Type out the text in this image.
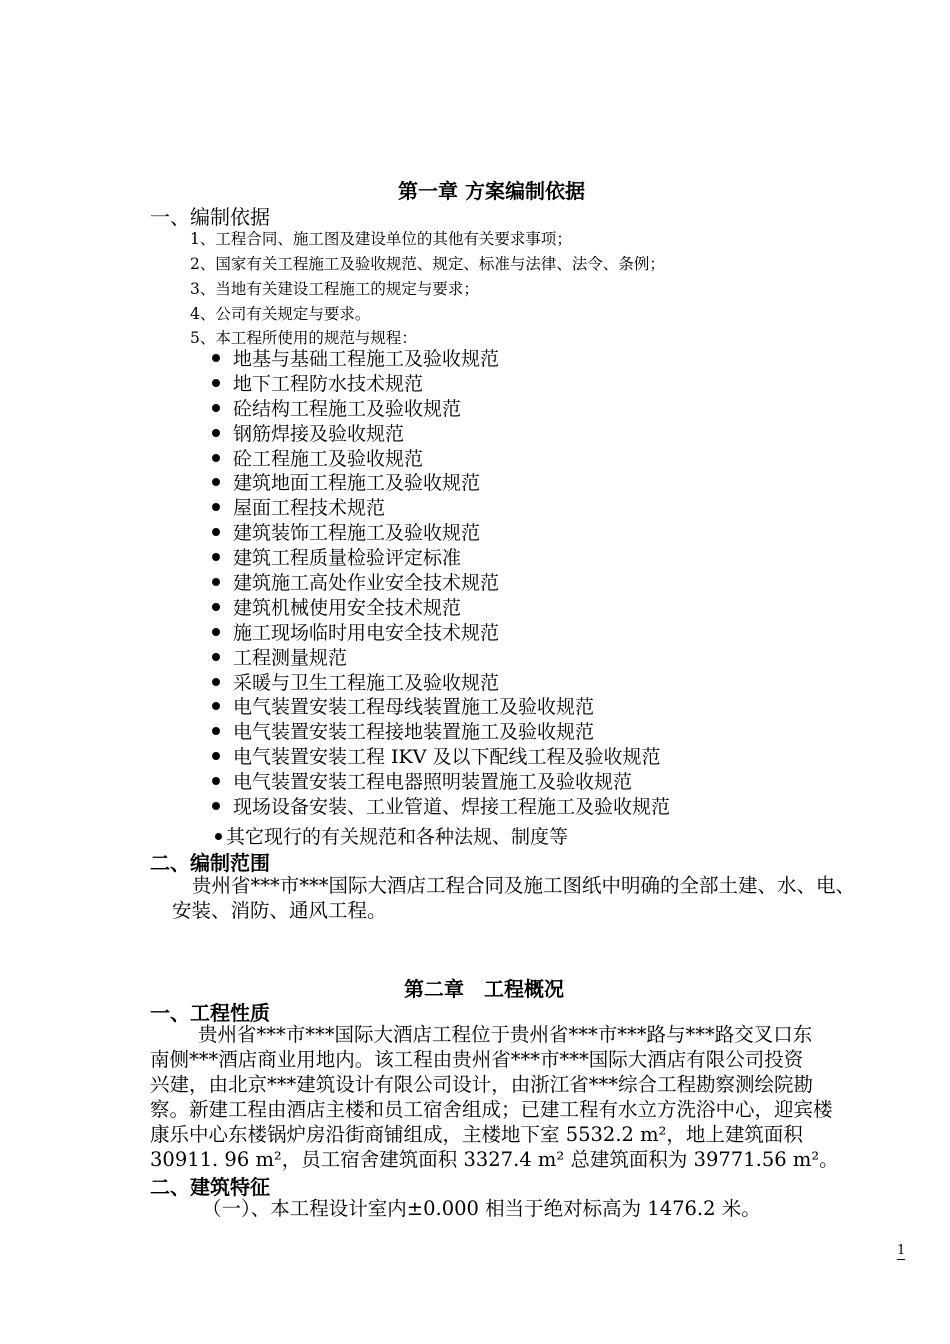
第一章 方案编制依据
一、编制依据
1、工程合同、施工图及建设单位的其他有关要求事项；
2、国家有关工程施工及验收规范、规定、标准与法律、法令、条例；
3、当地有关建设工程施工的规定与要求；
4、公司有关规定与要求。
5、本工程所使用的规范与规程：
地基与基础工程施工及验收规范
地下工程防水技术规范
砼结构工程施工及验收规范
钢筋焊接及验收规范
砼工程施工及验收规范
建筑地面工程施工及验收规范
屋面工程技术规范
建筑装饰工程施工及验收规范
建筑工程质量检验评定标准
建筑施工高处作业安全技术规范
建筑机械使用安全技术规范
施工现场临时用电安全技术规范
工程测量规范
采暖与卫生工程施工及验收规范
电气装置安装工程母线装置施工及验收规范
电气装置安装工程接地装置施工及验收规范
电气装置安装工程 IKV 及以下配线工程及验收规范
电气装置安装工程电器照明装置施工及验收规范
现场设备安装、工业管道、焊接工程施工及验收规范
其它现行的有关规范和各种法规、制度等
二、编制范围
贵州省***市***国际大酒店工程合同及施工图纸中明确的全部土建、水、电、
安装、消防、通风工程。
第二章　工程概况
一、工程性质
贵州省***市***国际大酒店工程位于贵州省***市***路与***路交叉口东
南侧***酒店商业用地内。该工程由贵州省***市***国际大酒店有限公司投资
兴建，由北京***建筑设计有限公司设计，由浙江省***综合工程勘察测绘院勘
察。新建工程由酒店主楼和员工宿舍组成；已建工程有水立方洗浴中心，迎宾楼
康乐中心东楼锅炉房沿街商铺组成，主楼地下室 5532.2 m²，地上建筑面积
30911. 96 m²，员工宿舍建筑面积 3327.4 m² 总建筑面积为 39771.56 m²。
二、建筑特征
（一）、本工程设计室内±0.000 相当于绝对标高为 1476.2 米。
1
